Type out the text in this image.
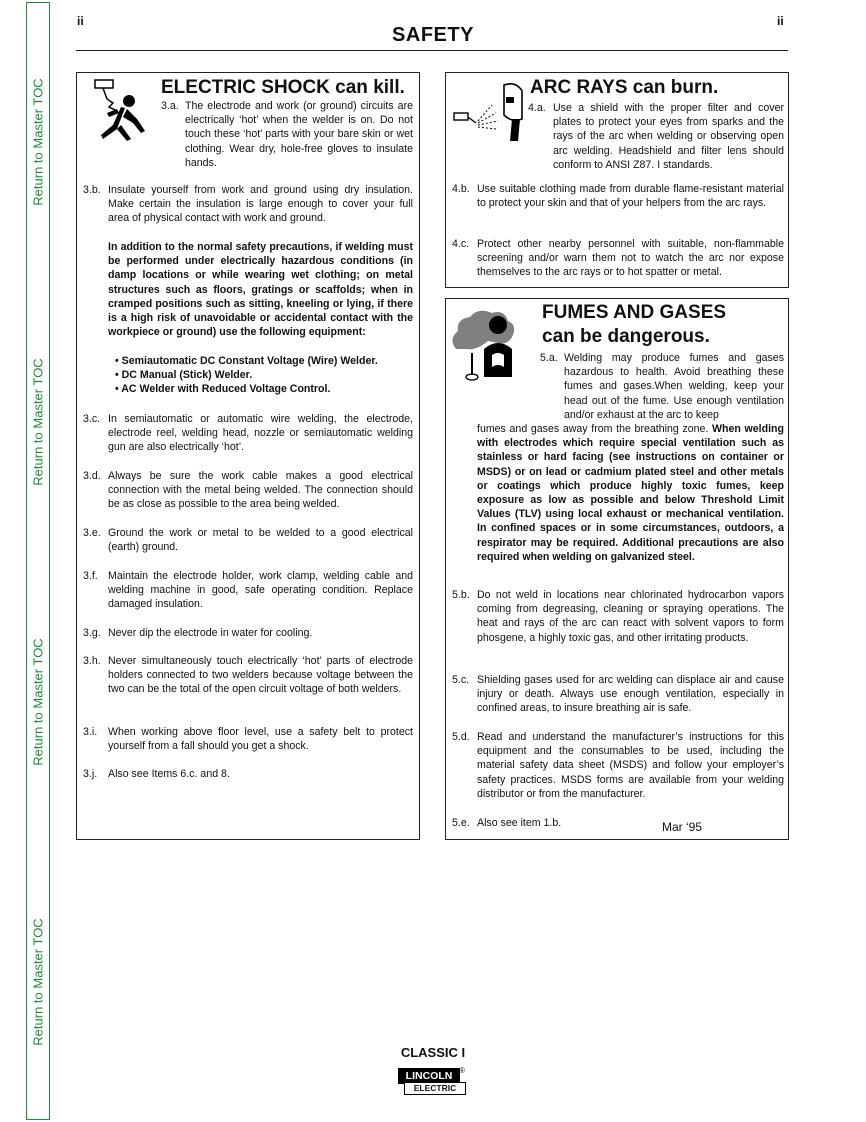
Return to Master TOC
Return to Master TOC
Return to Master TOC
Return to Master TOC
ii	ii
SAFETY
ELECTRIC SHOCK can kill.
3.a. The electrode and work (or ground) circuits are electrically ‘hot’ when the welder is on. Do not touch these ‘hot’ parts with your bare skin or wet clothing. Wear dry, hole-free gloves to insulate hands.
3.b. Insulate yourself from work and ground using dry insulation. Make certain the insulation is large enough to cover your full area of physical contact with work and ground.
In addition to the normal safety precautions, if welding must be performed under electrically hazardous conditions (in damp locations or while wearing wet clothing; on metal structures such as floors, gratings or scaffolds; when in cramped positions such as sitting, kneeling or lying, if there is a high risk of unavoidable or accidental contact with the workpiece or ground) use the following equipment:
• Semiautomatic DC Constant Voltage (Wire) Welder.
• DC Manual (Stick) Welder.
• AC Welder with Reduced Voltage Control.
3.c. In semiautomatic or automatic wire welding, the electrode, electrode reel, welding head, nozzle or semiautomatic welding gun are also electrically ‘hot’.
3.d. Always be sure the work cable makes a good electrical connection with the metal being welded. The connection should be as close as possible to the area being welded.
3.e. Ground the work or metal to be welded to a good electrical (earth) ground.
3.f. Maintain the electrode holder, work clamp, welding cable and welding machine in good, safe operating condition. Replace damaged insulation.
3.g. Never dip the electrode in water for cooling.
3.h. Never simultaneously touch electrically ‘hot’ parts of electrode holders connected to two welders because voltage between the two can be the total of the open circuit voltage of both welders.
3.i.	When working above floor level, use a safety belt to protect yourself from a fall should you get a shock.
3.j.	Also see Items 6.c. and 8.
ARC RAYS can burn.
4.a. Use a shield with the proper filter and cover plates to protect your eyes from sparks and the rays of the arc when welding or observing open arc welding. Headshield and filter lens should conform to ANSI Z87. I standards.
4.b. Use suitable clothing made from durable flame-resistant material to protect your skin and that of your helpers from the arc rays.
4.c. Protect other nearby personnel with suitable, non-flammable screening and/or warn them not to watch the arc nor expose themselves to the arc rays or to hot spatter or metal.
FUMES AND GASES
can be dangerous.
5.a. Welding may produce fumes and gases hazardous to health. Avoid breathing these fumes and gases.When welding, keep your head out of the fume. Use enough ventilation and/or exhaust at the arc to keep
fumes and gases away from the breathing zone. When welding with electrodes which require special ventilation such as stainless or hard facing (see instructions on container or MSDS) or on lead or cadmium plated steel and other metals or coatings which produce highly toxic fumes, keep exposure as low as possible and below Threshold Limit Values (TLV) using local exhaust or mechanical ventilation. In confined spaces or in some circumstances, outdoors, a respirator may be required. Additional precautions are also required when welding on galvanized steel.
5.b. Do not weld in locations near chlorinated hydrocarbon vapors coming from degreasing, cleaning or spraying operations. The heat and rays of the arc can react with solvent vapors to form phosgene, a highly toxic gas, and other irritating products.
5.c. Shielding gases used for arc welding can displace air and cause injury or death. Always use enough ventilation, especially in confined areas, to insure breathing air is safe.
5.d. Read and understand the manufacturer’s instructions for this equipment and the consumables to be used, including the material safety data sheet (MSDS) and follow your employer’s safety practices. MSDS forms are available from your welding distributor or from the manufacturer.
5.e. Also see item 1.b.	Mar ‘95
CLASSIC I
LINCOLN ®
ELECTRIC
